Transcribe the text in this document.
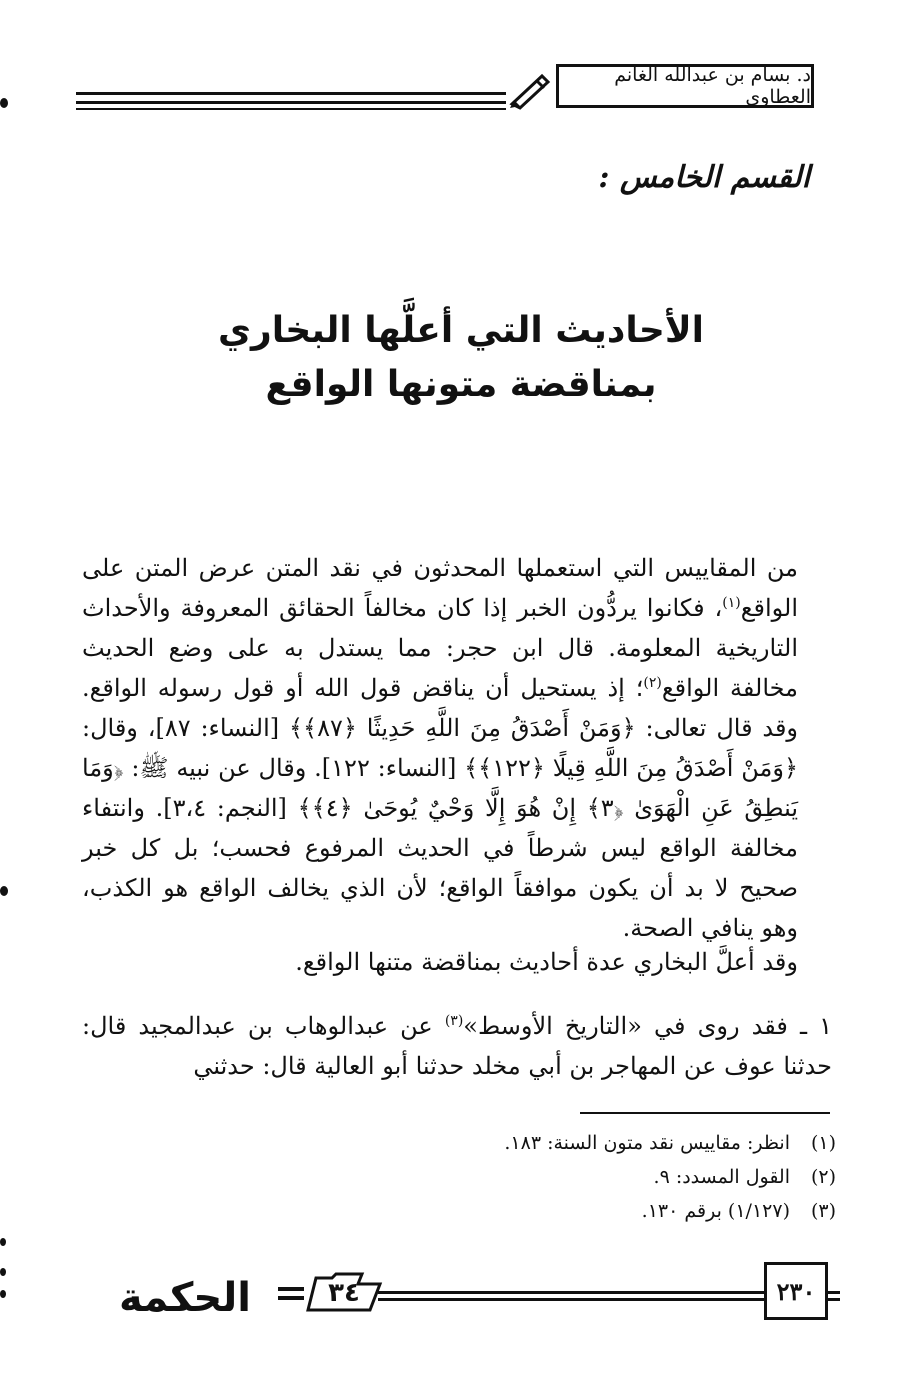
د. بسام بن عبدالله الغانم العطاوي
القسم الخامس :
الأحاديث التي أعلَّها البخاري
بمناقضة متونها الواقع

من المقاييس التي استعملها المحدثون في نقد المتن عرض المتن على الواقع$^{(١)}$، فكانوا يردُّون الخبر إذا كان مخالفاً الحقائق المعروفة والأحداث التاريخية المعلومة. قال ابن حجر: مما يستدل به على وضع الحديث مخالفة الواقع$^{(٢)}$؛ إذ يستحيل أن يناقض قول الله أو قول رسوله الواقع. وقد قال تعالى: ﴿وَمَنْ أَصْدَقُ مِنَ اللَّهِ حَدِيثًا ﴿٨٧﴾﴾ [النساء: ٨٧]، وقال: ﴿وَمَنْ أَصْدَقُ مِنَ اللَّهِ قِيلًا ﴿١٢٢﴾﴾ [النساء: ١٢٢]. وقال عن نبيه ﷺ: ﴿وَمَا يَنطِقُ عَنِ الْهَوَىٰ ﴿٣﴾ إِنْ هُوَ إِلَّا وَحْيٌ يُوحَىٰ ﴿٤﴾﴾ [النجم: ٣،٤]. وانتفاء مخالفة الواقع ليس شرطاً في الحديث المرفوع فحسب؛ بل كل خبر صحيح لا بد أن يكون موافقاً الواقع؛ لأن الذي يخالف الواقع هو الكذب، وهو ينافي الصحة.

وقد أعلَّ البخاري عدة أحاديث بمناقضة متنها الواقع.

١ ـ فقد روى في «التاريخ الأوسط»$^{(٣)}$ عن عبدالوهاب بن عبدالمجيد قال: حدثنا عوف عن المهاجر بن أبي مخلد حدثنا أبو العالية قال: حدثني

(١)انظر: مقاييس نقد متون السنة: ١٨٣.
(٢)القول المسدد: ٩.
(٣)(١/١٢٧) برقم ١٣٠.
الحكمة	٣٤	٢٣٠
